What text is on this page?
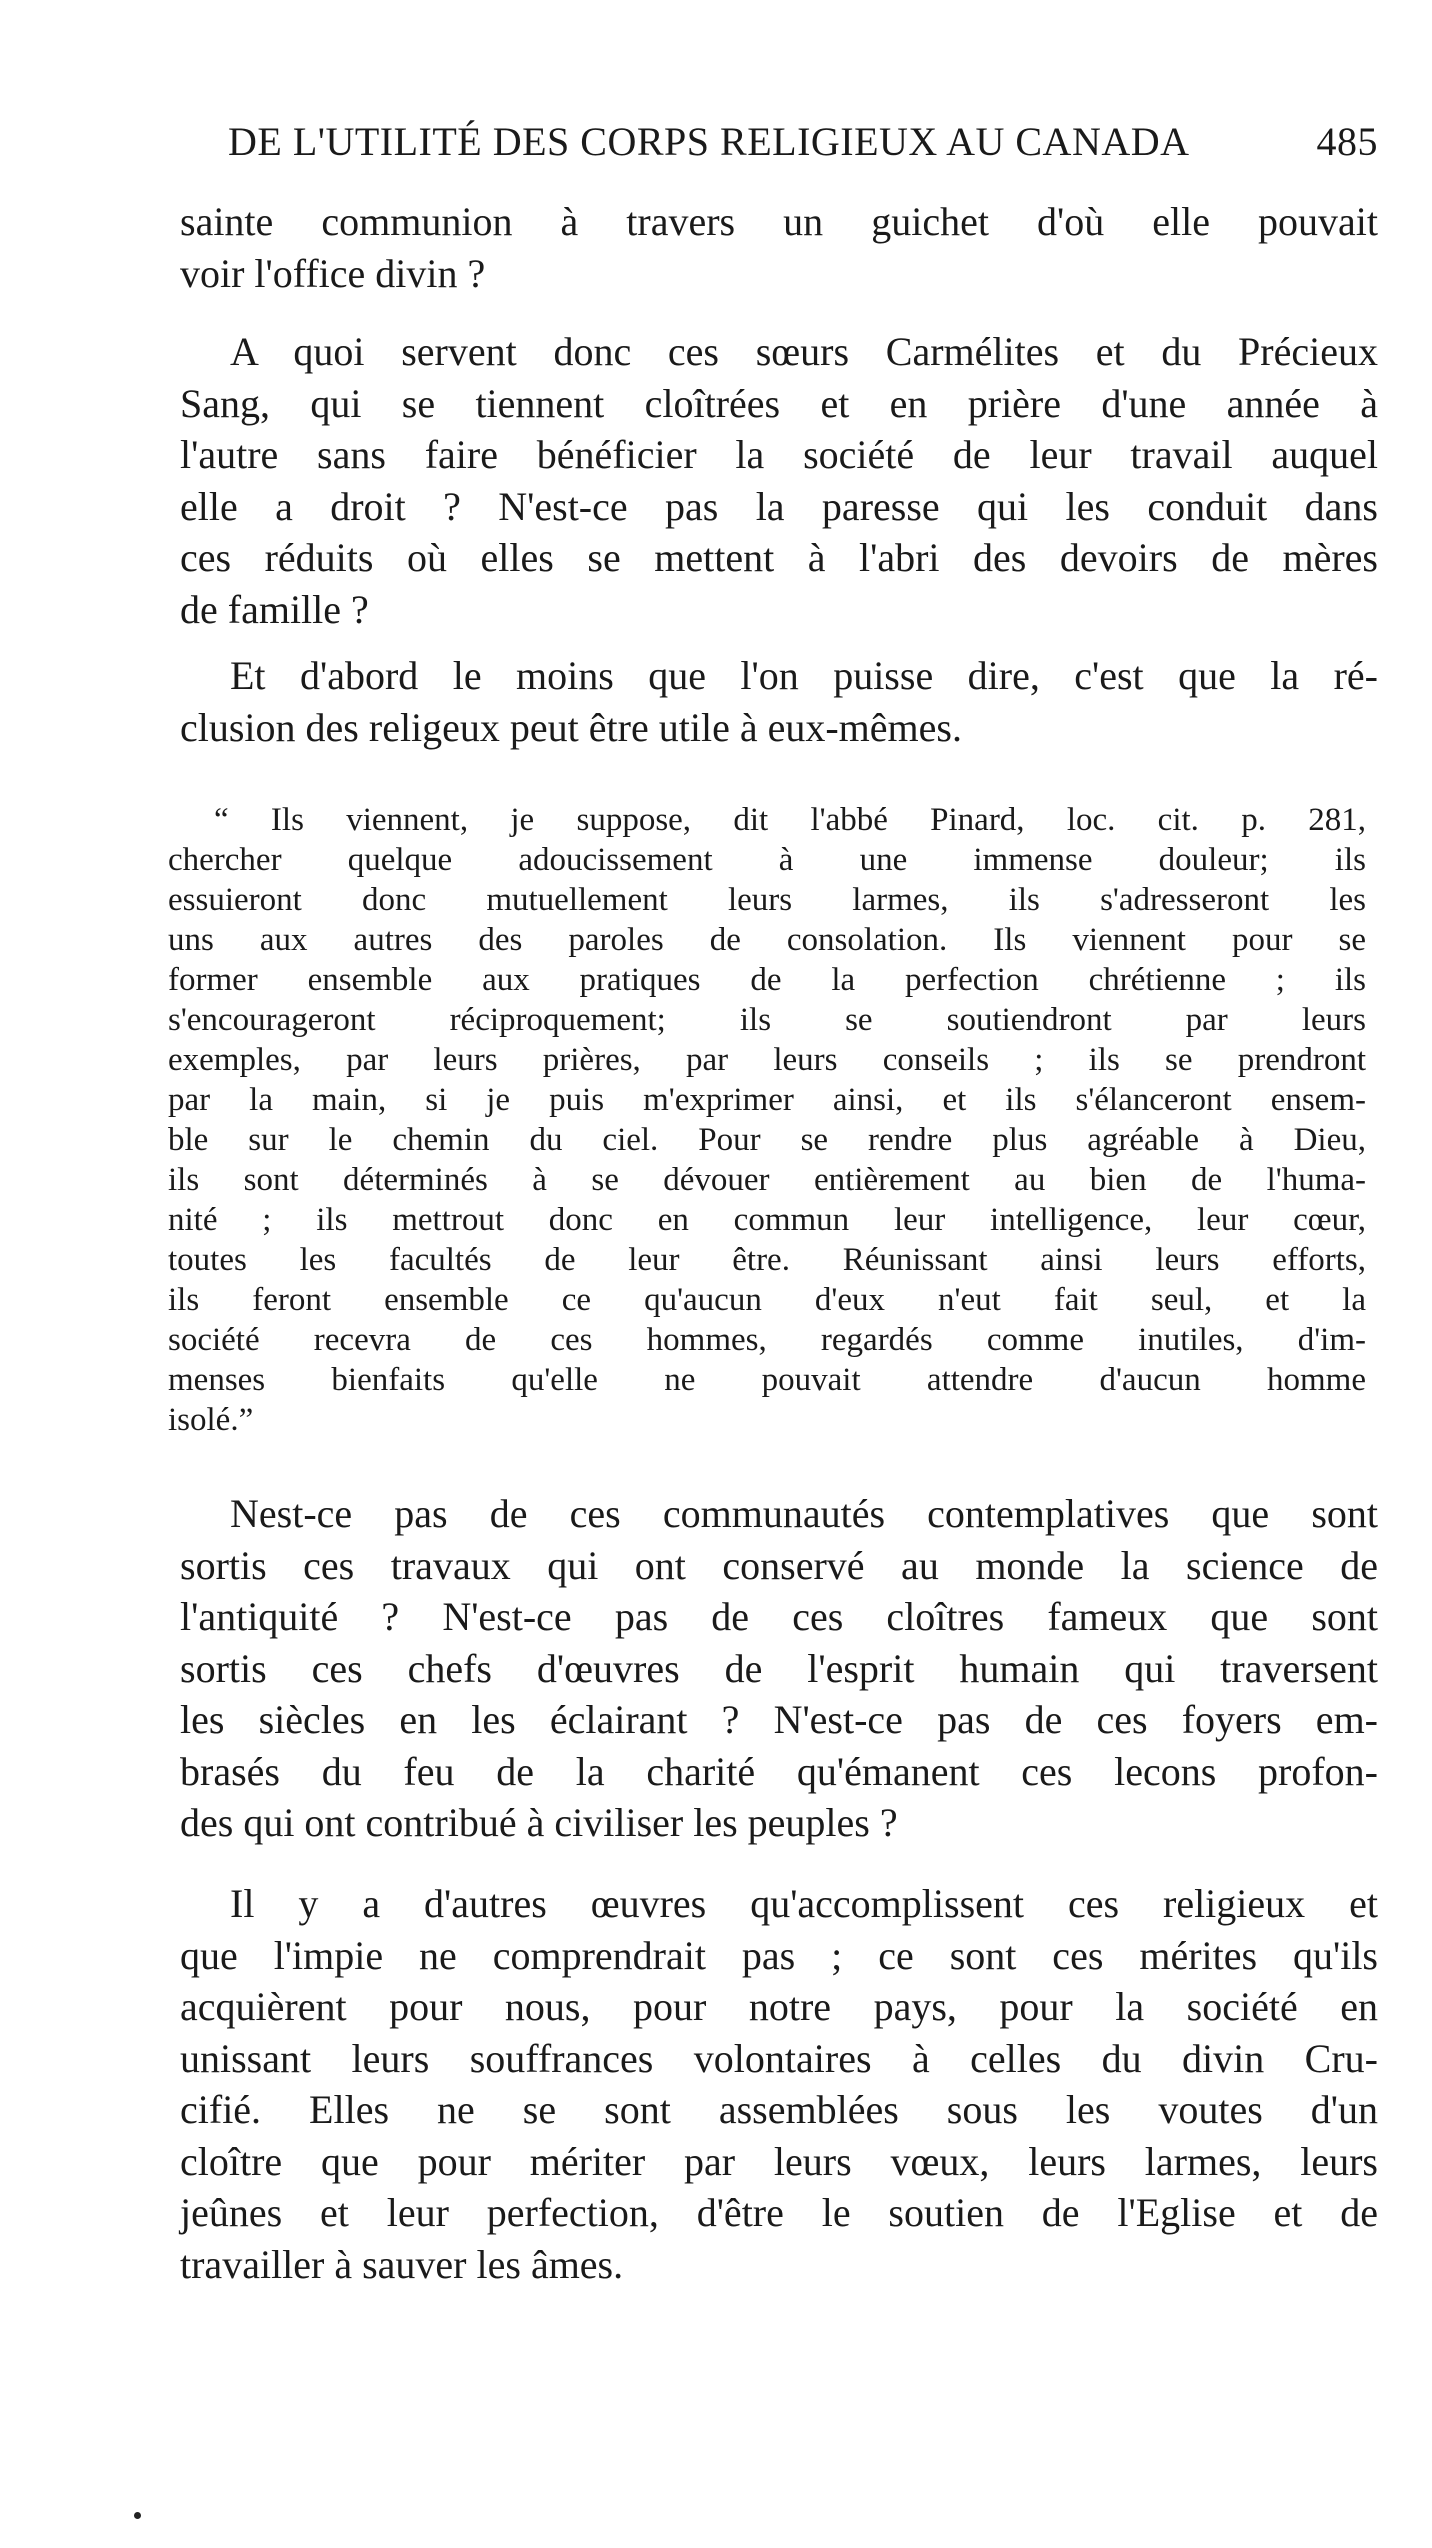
DE L'UTILITÉ DES CORPS RELIGIEUX AU CANADA	485

sainte communion à travers un guichet d'où elle pouvait
voir l'office divin ?

A quoi servent donc ces sœurs Carmélites et du Précieux
Sang, qui se tiennent cloîtrées et en prière d'une année à
l'autre sans faire bénéficier la société de leur travail auquel
elle a droit ? N'est-ce pas la paresse qui les conduit dans
ces réduits où elles se mettent à l'abri des devoirs de mères
de famille ?

Et d'abord le moins que l'on puisse dire, c'est que la ré-
clusion des religeux peut être utile à eux-mêmes.

“ Ils viennent, je suppose, dit l'abbé Pinard, loc. cit. p. 281,
chercher quelque adoucissement à une immense douleur; ils
essuieront donc mutuellement leurs larmes, ils s'adresseront les
uns aux autres des paroles de consolation. Ils viennent pour se
former ensemble aux pratiques de la perfection chrétienne ; ils
s'encourageront réciproquement; ils se soutiendront par leurs
exemples, par leurs prières, par leurs conseils ; ils se prendront
par la main, si je puis m'exprimer ainsi, et ils s'élanceront ensem-
ble sur le chemin du ciel. Pour se rendre plus agréable à Dieu,
ils sont déterminés à se dévouer entièrement au bien de l'huma-
nité ; ils mettrout donc en commun leur intelligence, leur cœur,
toutes les facultés de leur être. Réunissant ainsi leurs efforts,
ils feront ensemble ce qu'aucun d'eux n'eut fait seul, et la
société recevra de ces hommes, regardés comme inutiles, d'im-
menses bienfaits qu'elle ne pouvait attendre d'aucun homme
isolé.”

Nest-ce pas de ces communautés contemplatives que sont
sortis ces travaux qui ont conservé au monde la science de
l'antiquité ? N'est-ce pas de ces cloîtres fameux que sont
sortis ces chefs d'œuvres de l'esprit humain qui traversent
les siècles en les éclairant ? N'est-ce pas de ces foyers em-
brasés du feu de la charité qu'émanent ces lecons profon-
des qui ont contribué à civiliser les peuples ?

Il y a d'autres œuvres qu'accomplissent ces religieux et
que l'impie ne comprendrait pas ; ce sont ces mérites qu'ils
acquièrent pour nous, pour notre pays, pour la société en
unissant leurs souffrances volontaires à celles du divin Cru-
cifié. Elles ne se sont assemblées sous les voutes d'un
cloître que pour mériter par leurs vœux, leurs larmes, leurs
jeûnes et leur perfection, d'être le soutien de l'Eglise et de
travailler à sauver les âmes.
